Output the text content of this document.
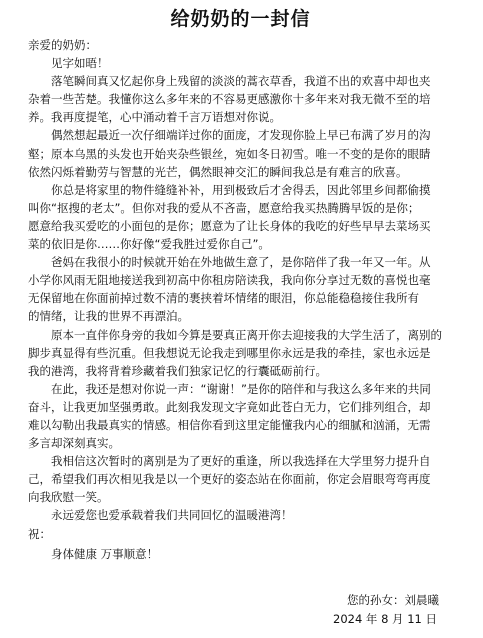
给奶奶的一封信
亲爱的奶奶：
见字如晤！
落笔瞬间真又忆起你身上残留的淡淡的蒿衣草香，我道不出的欢喜中却也夹
杂着一些苦楚。我懂你这么多年来的不容易更感激你十多年来对我无微不至的培
养。我再度提笔，心中涌动着千言万语想对你说。
偶然想起最近一次仔细端详过你的面庞，才发现你脸上早已布满了岁月的沟
壑；原本乌黑的头发也开始夹杂些银丝，宛如冬日初雪。唯一不变的是你的眼睛
依然闪烁着勤劳与智慧的光芒，偶然眼神交汇的瞬间我总是有难言的欣喜。
你总是将家里的物件缝缝补补，用到极致后才舍得丢，因此邻里乡间都偷摸
叫你“抠搜的老太”。但你对我的爱从不吝啬，愿意给我买热腾腾早饭的是你；
愿意给我买爱吃的小面包的是你；愿意为了让长身体的我吃的好些早早去菜场买
菜的依旧是你……你好像“爱我胜过爱你自己”。
爸妈在我很小的时候就开始在外地做生意了，是你陪伴了我一年又一年。从
小学你风雨无阻地接送我到初高中你租房陪读我，我向你分享过无数的喜悦也毫
无保留地在你面前掉过数不清的裹挟着坏情绪的眼泪，你总能稳稳接住我所有
的情绪，让我的世界不再漂泊。
原本一直伴你身旁的我如今算是要真正离开你去迎接我的大学生活了，离别的
脚步真显得有些沉重。但我想说无论我走到哪里你永远是我的牵挂，家也永远是
我的港湾，我将背着珍藏着我们独家记忆的行囊砥砺前行。
在此，我还是想对你说一声：“谢谢！”是你的陪伴和与我这么多年来的共同
奋斗，让我更加坚强勇敢。此刻我发现文字竟如此苍白无力，它们排列组合，却
难以勾勒出我最真实的情感。相信你看到这里定能懂我内心的细腻和汹涌，无需
多言却深刻真实。
我相信这次暂时的离别是为了更好的重逢，所以我选择在大学里努力提升自
己，希望我们再次相见我是以一个更好的姿态站在你面前，你定会眉眼弯弯再度
向我欣慰一笑。
永远爱您也爱承载着我们共同回忆的温暖港湾！
祝：
身体健康 万事顺意！
您的孙女：刘晨曦
2024 年 8 月 11 日
